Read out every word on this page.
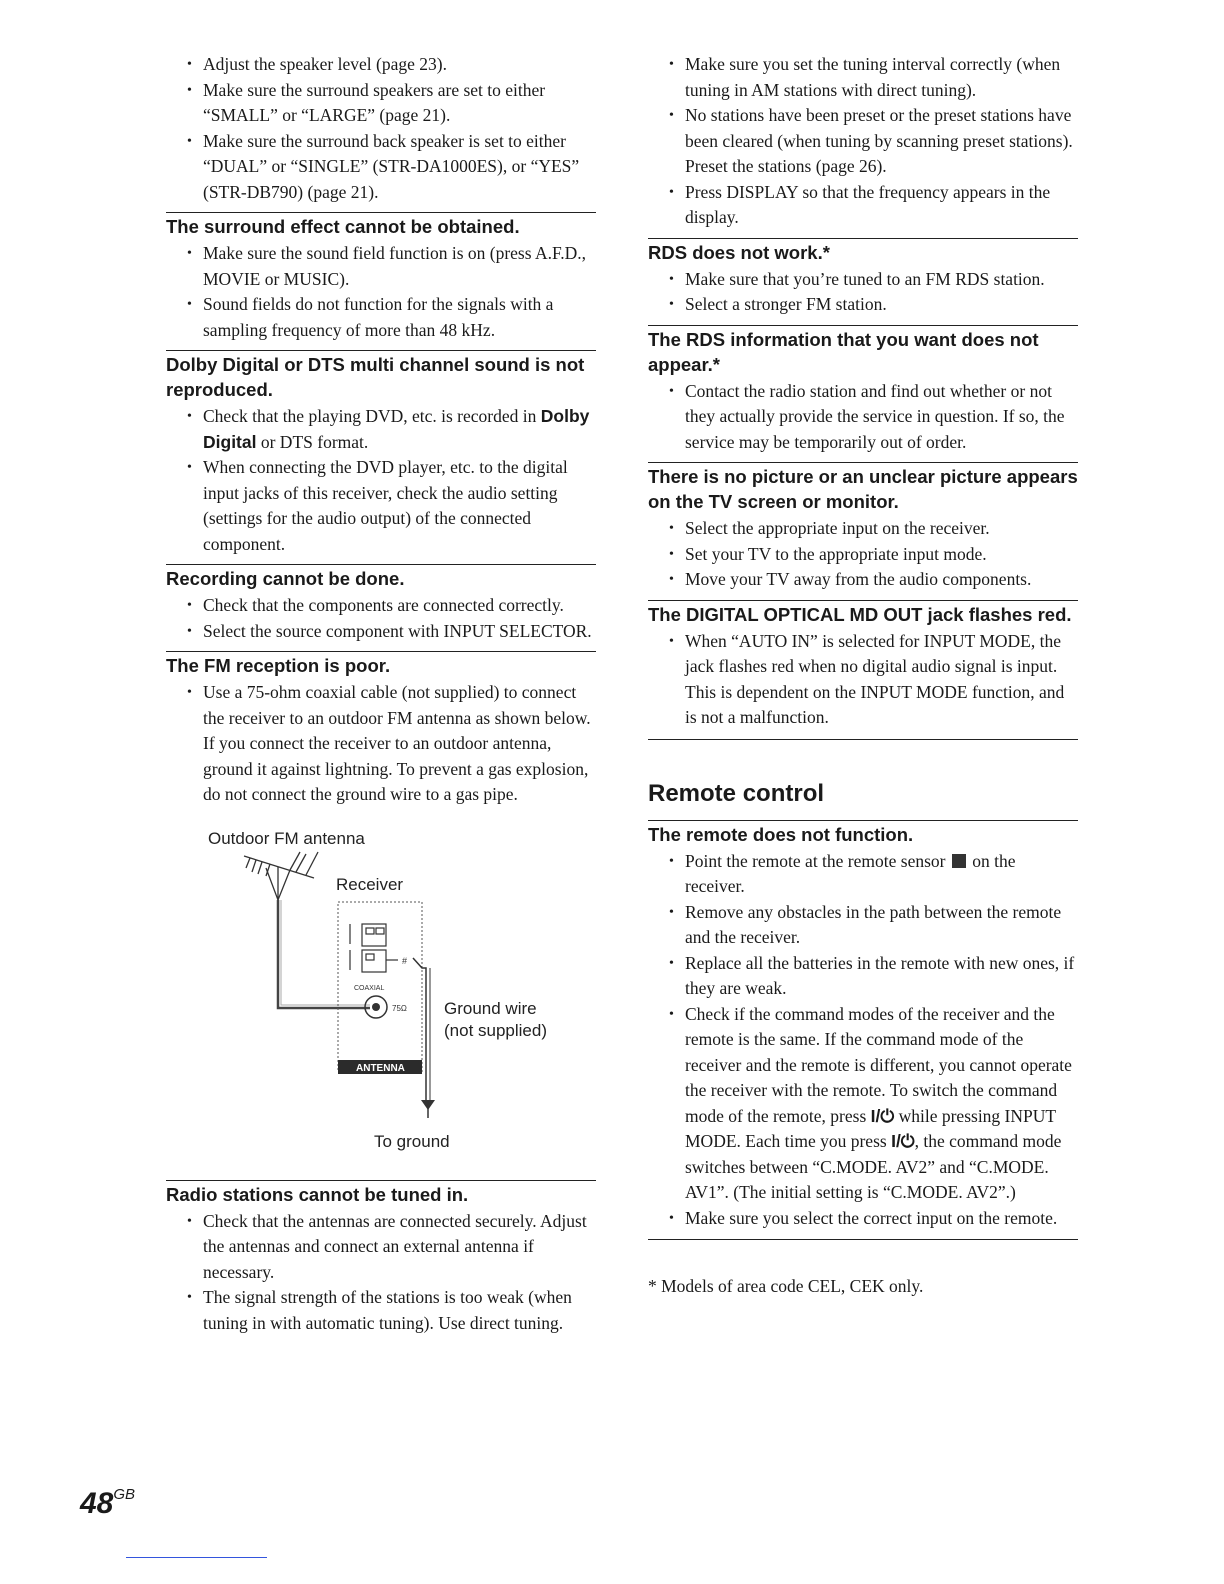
• Adjust the speaker level (page 23).
• Make sure the surround speakers are set to either “SMALL” or “LARGE” (page 21).
• Make sure the surround back speaker is set to either “DUAL” or “SINGLE” (STR-DA1000ES), or “YES” (STR-DB790) (page 21).
The surround effect cannot be obtained.
• Make sure the sound field function is on (press A.F.D., MOVIE or MUSIC).
• Sound fields do not function for the signals with a sampling frequency of more than 48 kHz.
Dolby Digital or DTS multi channel sound is not reproduced.
• Check that the playing DVD, etc. is recorded in Dolby Digital or DTS format.
• When connecting the DVD player, etc. to the digital input jacks of this receiver, check the audio setting (settings for the audio output) of the connected component.
Recording cannot be done.
• Check that the components are connected correctly.
• Select the source component with INPUT SELECTOR.
The FM reception is poor.
• Use a 75-ohm coaxial cable (not supplied) to connect the receiver to an outdoor FM antenna as shown below. If you connect the receiver to an outdoor antenna, ground it against lightning. To prevent a gas explosion, do not connect the ground wire to a gas pipe.
Outdoor FM antenna
Receiver
Ground wire
(not supplied)
To ground
#
COAXIAL
75Ω
ANTENNA
Radio stations cannot be tuned in.
• Check that the antennas are connected securely. Adjust the antennas and connect an external antenna if necessary.
• The signal strength of the stations is too weak (when tuning in with automatic tuning). Use direct tuning.
• Make sure you set the tuning interval correctly (when tuning in AM stations with direct tuning).
• No stations have been preset or the preset stations have been cleared (when tuning by scanning preset stations). Preset the stations (page 26).
• Press DISPLAY so that the frequency appears in the display.
RDS does not work.*
• Make sure that you’re tuned to an FM RDS station.
• Select a stronger FM station.
The RDS information that you want does not appear.*
• Contact the radio station and find out whether or not they actually provide the service in question. If so, the service may be temporarily out of order.
There is no picture or an unclear picture appears on the TV screen or monitor.
• Select the appropriate input on the receiver.
• Set your TV to the appropriate input mode.
• Move your TV away from the audio components.
The DIGITAL OPTICAL MD OUT jack flashes red.
• When “AUTO IN” is selected for INPUT MODE, the jack flashes red when no digital audio signal is input. This is dependent on the INPUT MODE function, and is not a malfunction.
Remote control
The remote does not function.
• Point the remote at the remote sensor  on the receiver.
• Remove any obstacles in the path between the remote and the receiver.
• Replace all the batteries in the remote with new ones, if they are weak.
• Check if the command modes of the receiver and the remote is the same. If the command mode of the receiver and the remote is different, you cannot operate the receiver with the remote. To switch the command mode of the remote, press I/⏻ while pressing INPUT MODE. Each time you press I/⏻, the command mode switches between “C.MODE. AV2” and “C.MODE. AV1”. (The initial setting is “C.MODE. AV2”.)
• Make sure you select the correct input on the remote.
* Models of area code CEL, CEK only.
$48^{GB}$
